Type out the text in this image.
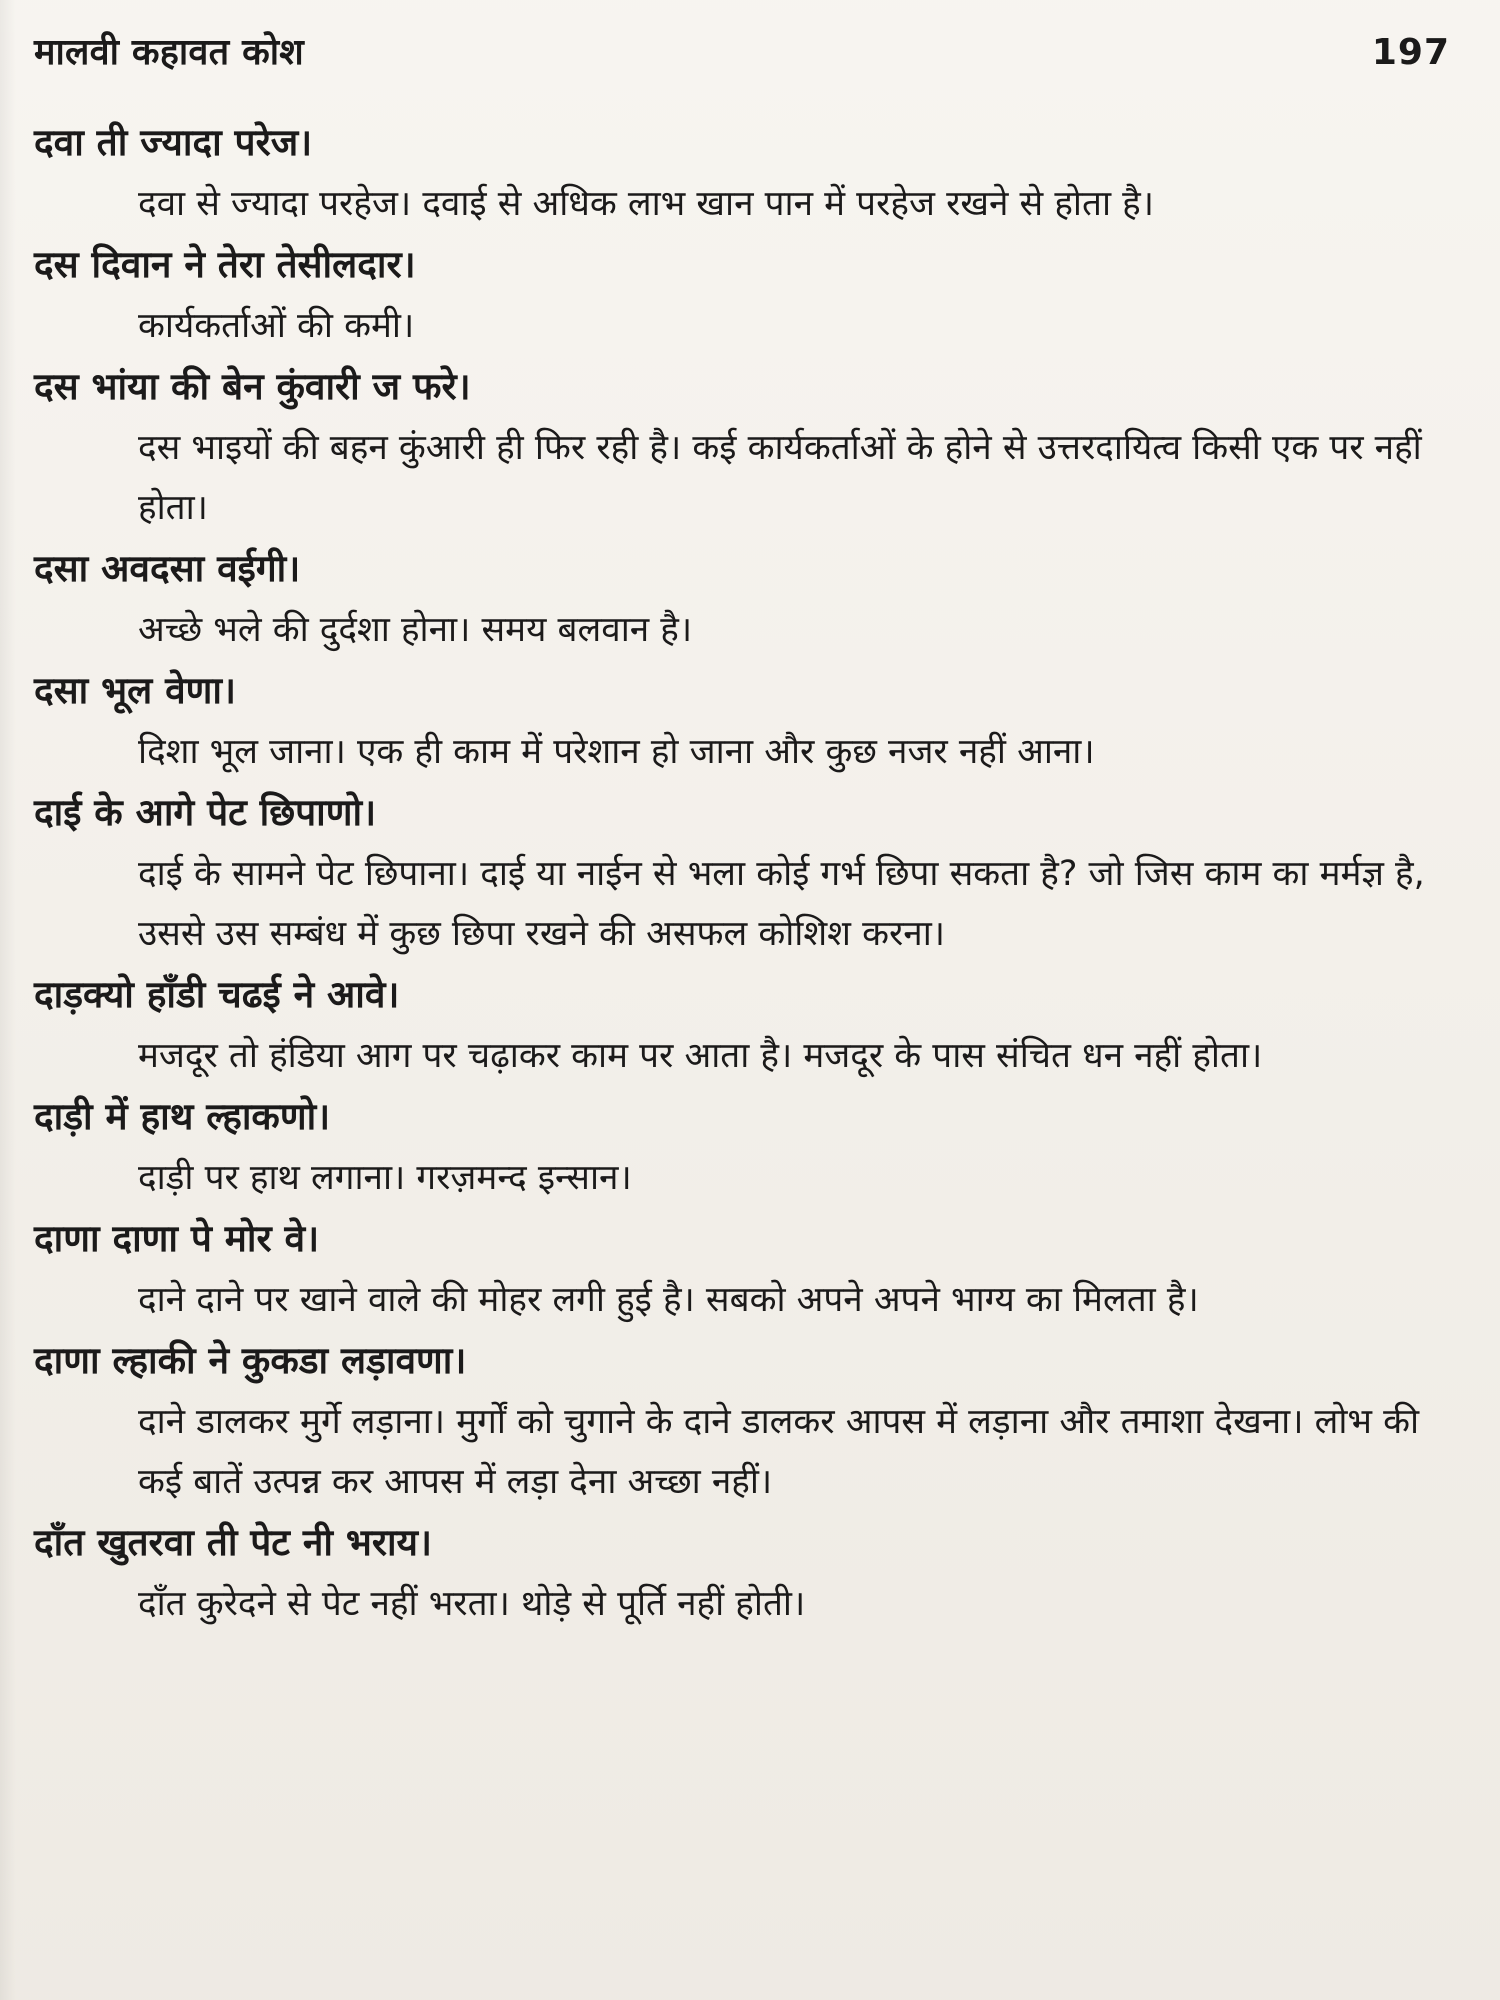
मालवी कहावत कोश	197
दवा ती ज्यादा परेज।
दवा से ज्यादा परहेज। दवाई से अधिक लाभ खान पान में परहेज रखने से होता है।
दस दिवान ने तेरा तेसीलदार।
कार्यकर्ताओं की कमी।
दस भांया की बेन कुंवारी ज फरे।
दस भाइयों की बहन कुंआरी ही फिर रही है। कई कार्यकर्ताओं के होने से उत्तरदायित्व किसी एक पर नहीं होता।
दसा अवदसा वईगी।
अच्छे भले की दुर्दशा होना। समय बलवान है।
दसा भूल वेणा।
दिशा भूल जाना। एक ही काम में परेशान हो जाना और कुछ नजर नहीं आना।
दाई के आगे पेट छिपाणो।
दाई के सामने पेट छिपाना। दाई या नाईन से भला कोई गर्भ छिपा सकता है? जो जिस काम का मर्मज्ञ है, उससे उस सम्बंध में कुछ छिपा रखने की असफल कोशिश करना।
दाड़क्यो हाँडी चढई ने आवे।
मजदूर तो हंडिया आग पर चढ़ाकर काम पर आता है। मजदूर के पास संचित धन नहीं होता।
दाड़ी में हाथ ल्हाकणो।
दाड़ी पर हाथ लगाना। गरज़मन्द इन्सान।
दाणा दाणा पे मोर वे।
दाने दाने पर खाने वाले की मोहर लगी हुई है। सबको अपने अपने भाग्य का मिलता है।
दाणा ल्हाकी ने कुकडा लड़ावणा।
दाने डालकर मुर्गे लड़ाना। मुर्गों को चुगाने के दाने डालकर आपस में लड़ाना और तमाशा देखना। लोभ की कई बातें उत्पन्न कर आपस में लड़ा देना अच्छा नहीं।
दाँत खुतरवा ती पेट नी भराय।
दाँत कुरेदने से पेट नहीं भरता। थोड़े से पूर्ति नहीं होती।
